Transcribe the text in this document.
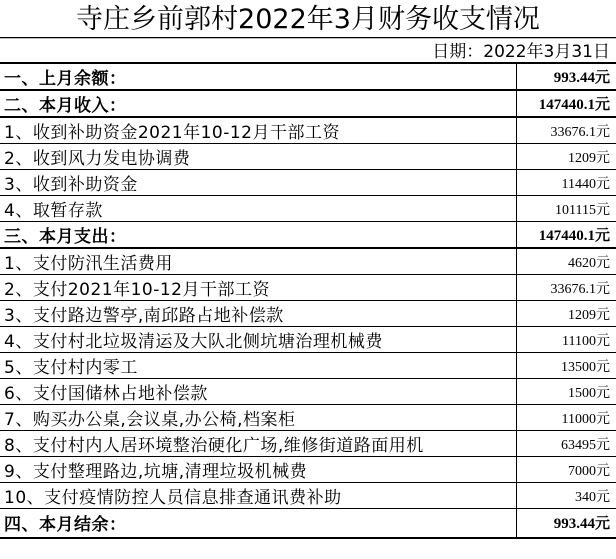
寺庄乡前郭村2022年3月财务收支情况
日期：2022年3月31日
一、上月余额：	993.44元
二、本月收入：	147440.1元
1、收到补助资金2021年10-12月干部工资	33676.1元
2、收到风力发电协调费	1209元
3、收到补助资金	11440元
4、取暂存款	101115元
三、本月支出：	147440.1元
1、支付防汛生活费用	4620元
2、支付2021年10-12月干部工资	33676.1元
3、支付路边警亭,南邱路占地补偿款	1209元
4、支付村北垃圾清运及大队北侧坑塘治理机械费	11100元
5、支付村内零工	13500元
6、支付国储林占地补偿款	1500元
7、购买办公桌,会议桌,办公椅,档案柜	11000元
8、支付村内人居环境整治硬化广场,维修街道路面用机	63495元
9、支付整理路边,坑塘,清理垃圾机械费	7000元
10、支付疫情防控人员信息排查通讯费补助	340元
四、本月结余：	993.44元
